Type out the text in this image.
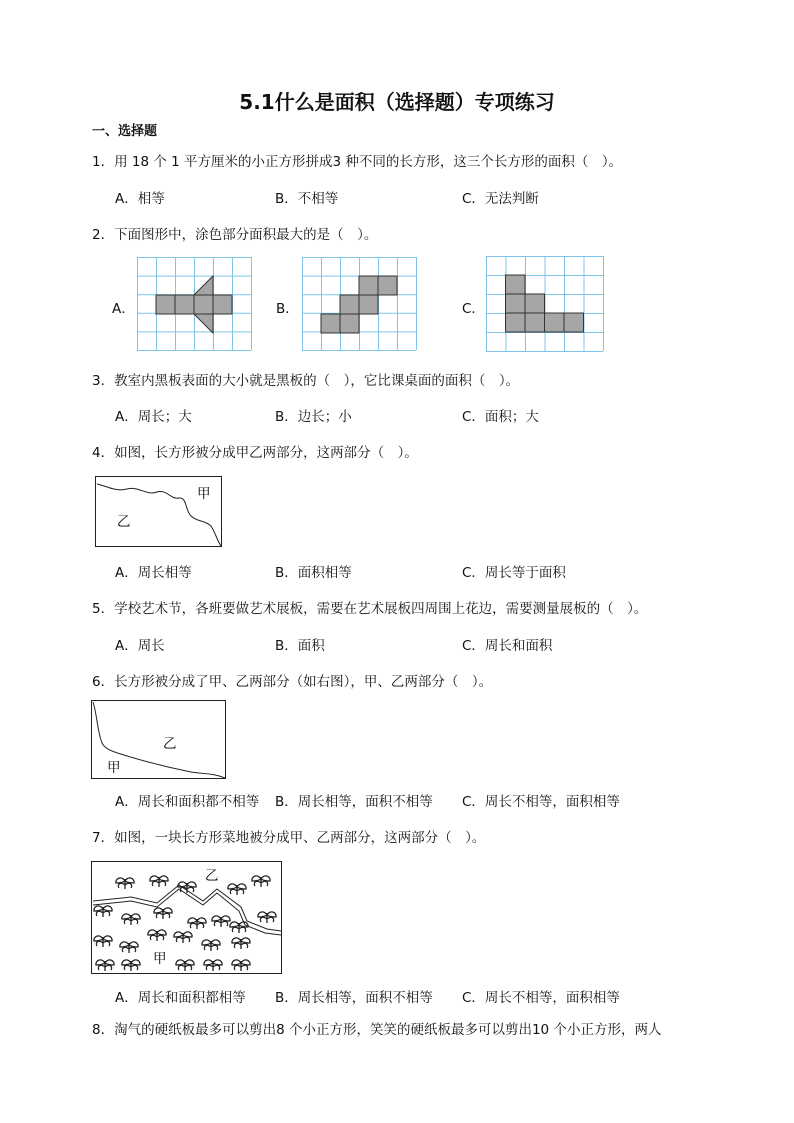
5.1什么是面积（选择题）专项练习
一、选择题
1．用 18 个 1 平方厘米的小正方形拼成3 种不同的长方形，这三个长方形的面积（　）。
A．相等	B．不相等	C．无法判断
2．下面图形中，涂色部分面积最大的是（　）。
A．	B．	C．
3．教室内黑板表面的大小就是黑板的（　），它比课桌面的面积（　）。
A．周长；大	B．边长；小	C．面积；大
4．如图，长方形被分成甲乙两部分，这两部分（　）。
甲
乙
A．周长相等	B．面积相等	C．周长等于面积
5．学校艺术节，各班要做艺术展板，需要在艺术展板四周围上花边，需要测量展板的（　）。
A．周长	B．面积	C．周长和面积
6．长方形被分成了甲、乙两部分（如右图），甲、乙两部分（　）。
乙
甲
A．周长和面积都不相等 B．周长相等，面积不相等 C．周长不相等，面积相等
7．如图，一块长方形菜地被分成甲、乙两部分，这两部分（　）。
乙
甲
A．周长和面积都相等 B．周长相等，面积不相等 C．周长不相等，面积相等
8．淘气的硬纸板最多可以剪出8 个小正方形，笑笑的硬纸板最多可以剪出10 个小正方形，两人
